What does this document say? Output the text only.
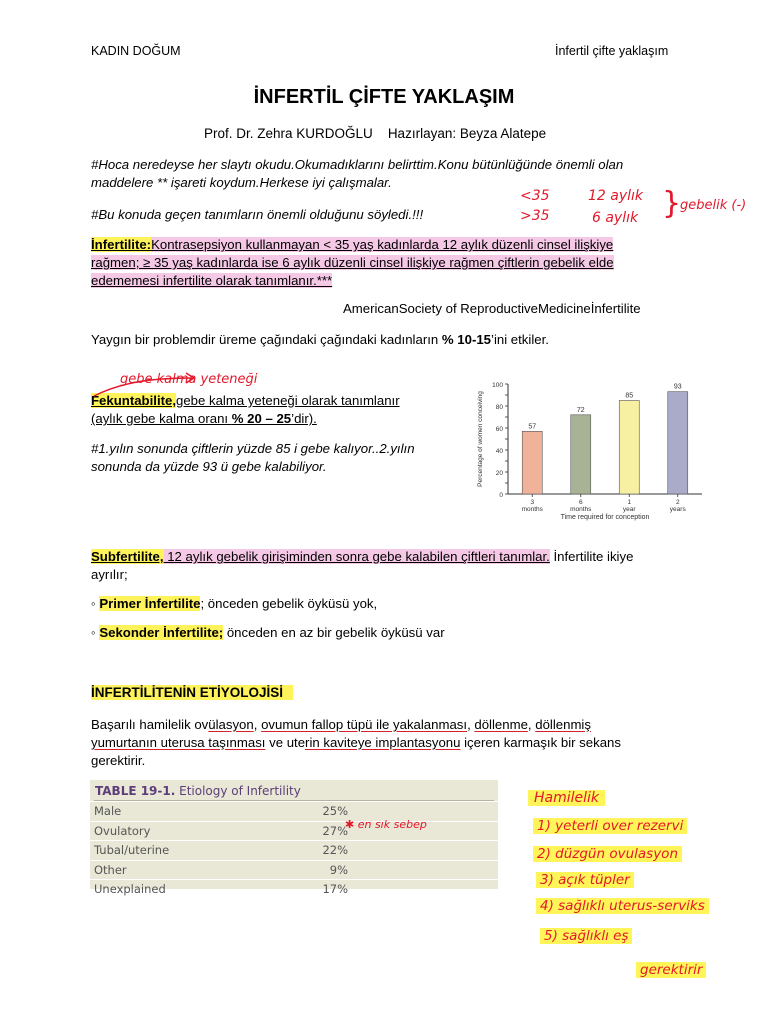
KADIN DOĞUM	İnfertil çifte yaklaşım
İNFERTİL ÇİFTE YAKLAŞIM
Prof. Dr. Zehra KURDOĞLU Hazırlayan: Beyza Alatepe
#Hoca neredeyse her slaytı okudu.Okumadıklarını belirttim.Konu bütünlüğünde önemli olan
maddelere ** işareti koydum.Herkese iyi çalışmalar.
#Bu konuda geçen tanımların önemli olduğunu söyledi.!!!
İnfertilite:Kontrasepsiyon kullanmayan < 35 yaş kadınlarda 12 aylık düzenli cinsel ilişkiye
rağmen; ≥ 35 yaş kadınlarda ise 6 aylık düzenli cinsel ilişkiye rağmen çiftlerin gebelik elde
edememesi infertilite olarak tanımlanır.***
AmericanSociety of ReproductiveMedicineİnfertilite
Yaygın bir problemdir üreme çağındaki çağındaki kadınların % 10-15’ini etkiler.
Fekuntabilite,gebe kalma yeteneği olarak tanımlanır
(aylık gebe kalma oranı % 20 – 25’dir).
#1.yılın sonunda çiftlerin yüzde 85 i gebe kalıyor..2.yılın
sonunda da yüzde 93 ü gebe kalabiliyor.
0
20
40
60
80
100
57
3
months
72
6
months
85
1
year
93
2
years
Time required for conception
Percentage of women conceiving
Subfertilite, 12 aylık gebelik girişiminden sonra gebe kalabilen çiftleri tanımlar. İnfertilite ikiye
ayrılır;
◦ Primer İnfertilite; önceden gebelik öyküsü yok,
◦ Sekonder İnfertilite; önceden en az bir gebelik öyküsü var
İNFERTİLİTENİN ETİYOLOJİSİ
Başarılı hamilelik ovülasyon, ovumun fallop tüpü ile yakalanması, döllenme, döllenmiş
yumurtanın uterusa taşınması ve uterin kaviteye implantasyonu içeren karmaşık bir sekans
gerektirir.
TABLE 19-1. Etiology of Infertility
Male	25%
Ovulatory	27%
Tubal/uterine	22%
Other	9%
Unexplained	17%
<35
>35
12 aylık
6 aylık }
gebelik (-)
gebe kalma yeteneği
✱ en sık sebep
Hamilelik
1) yeterli over rezervi
2) düzgün ovulasyon
3) açık tüpler
4) sağlıklı uterus-serviks
5) sağlıklı eş
gerektirir
